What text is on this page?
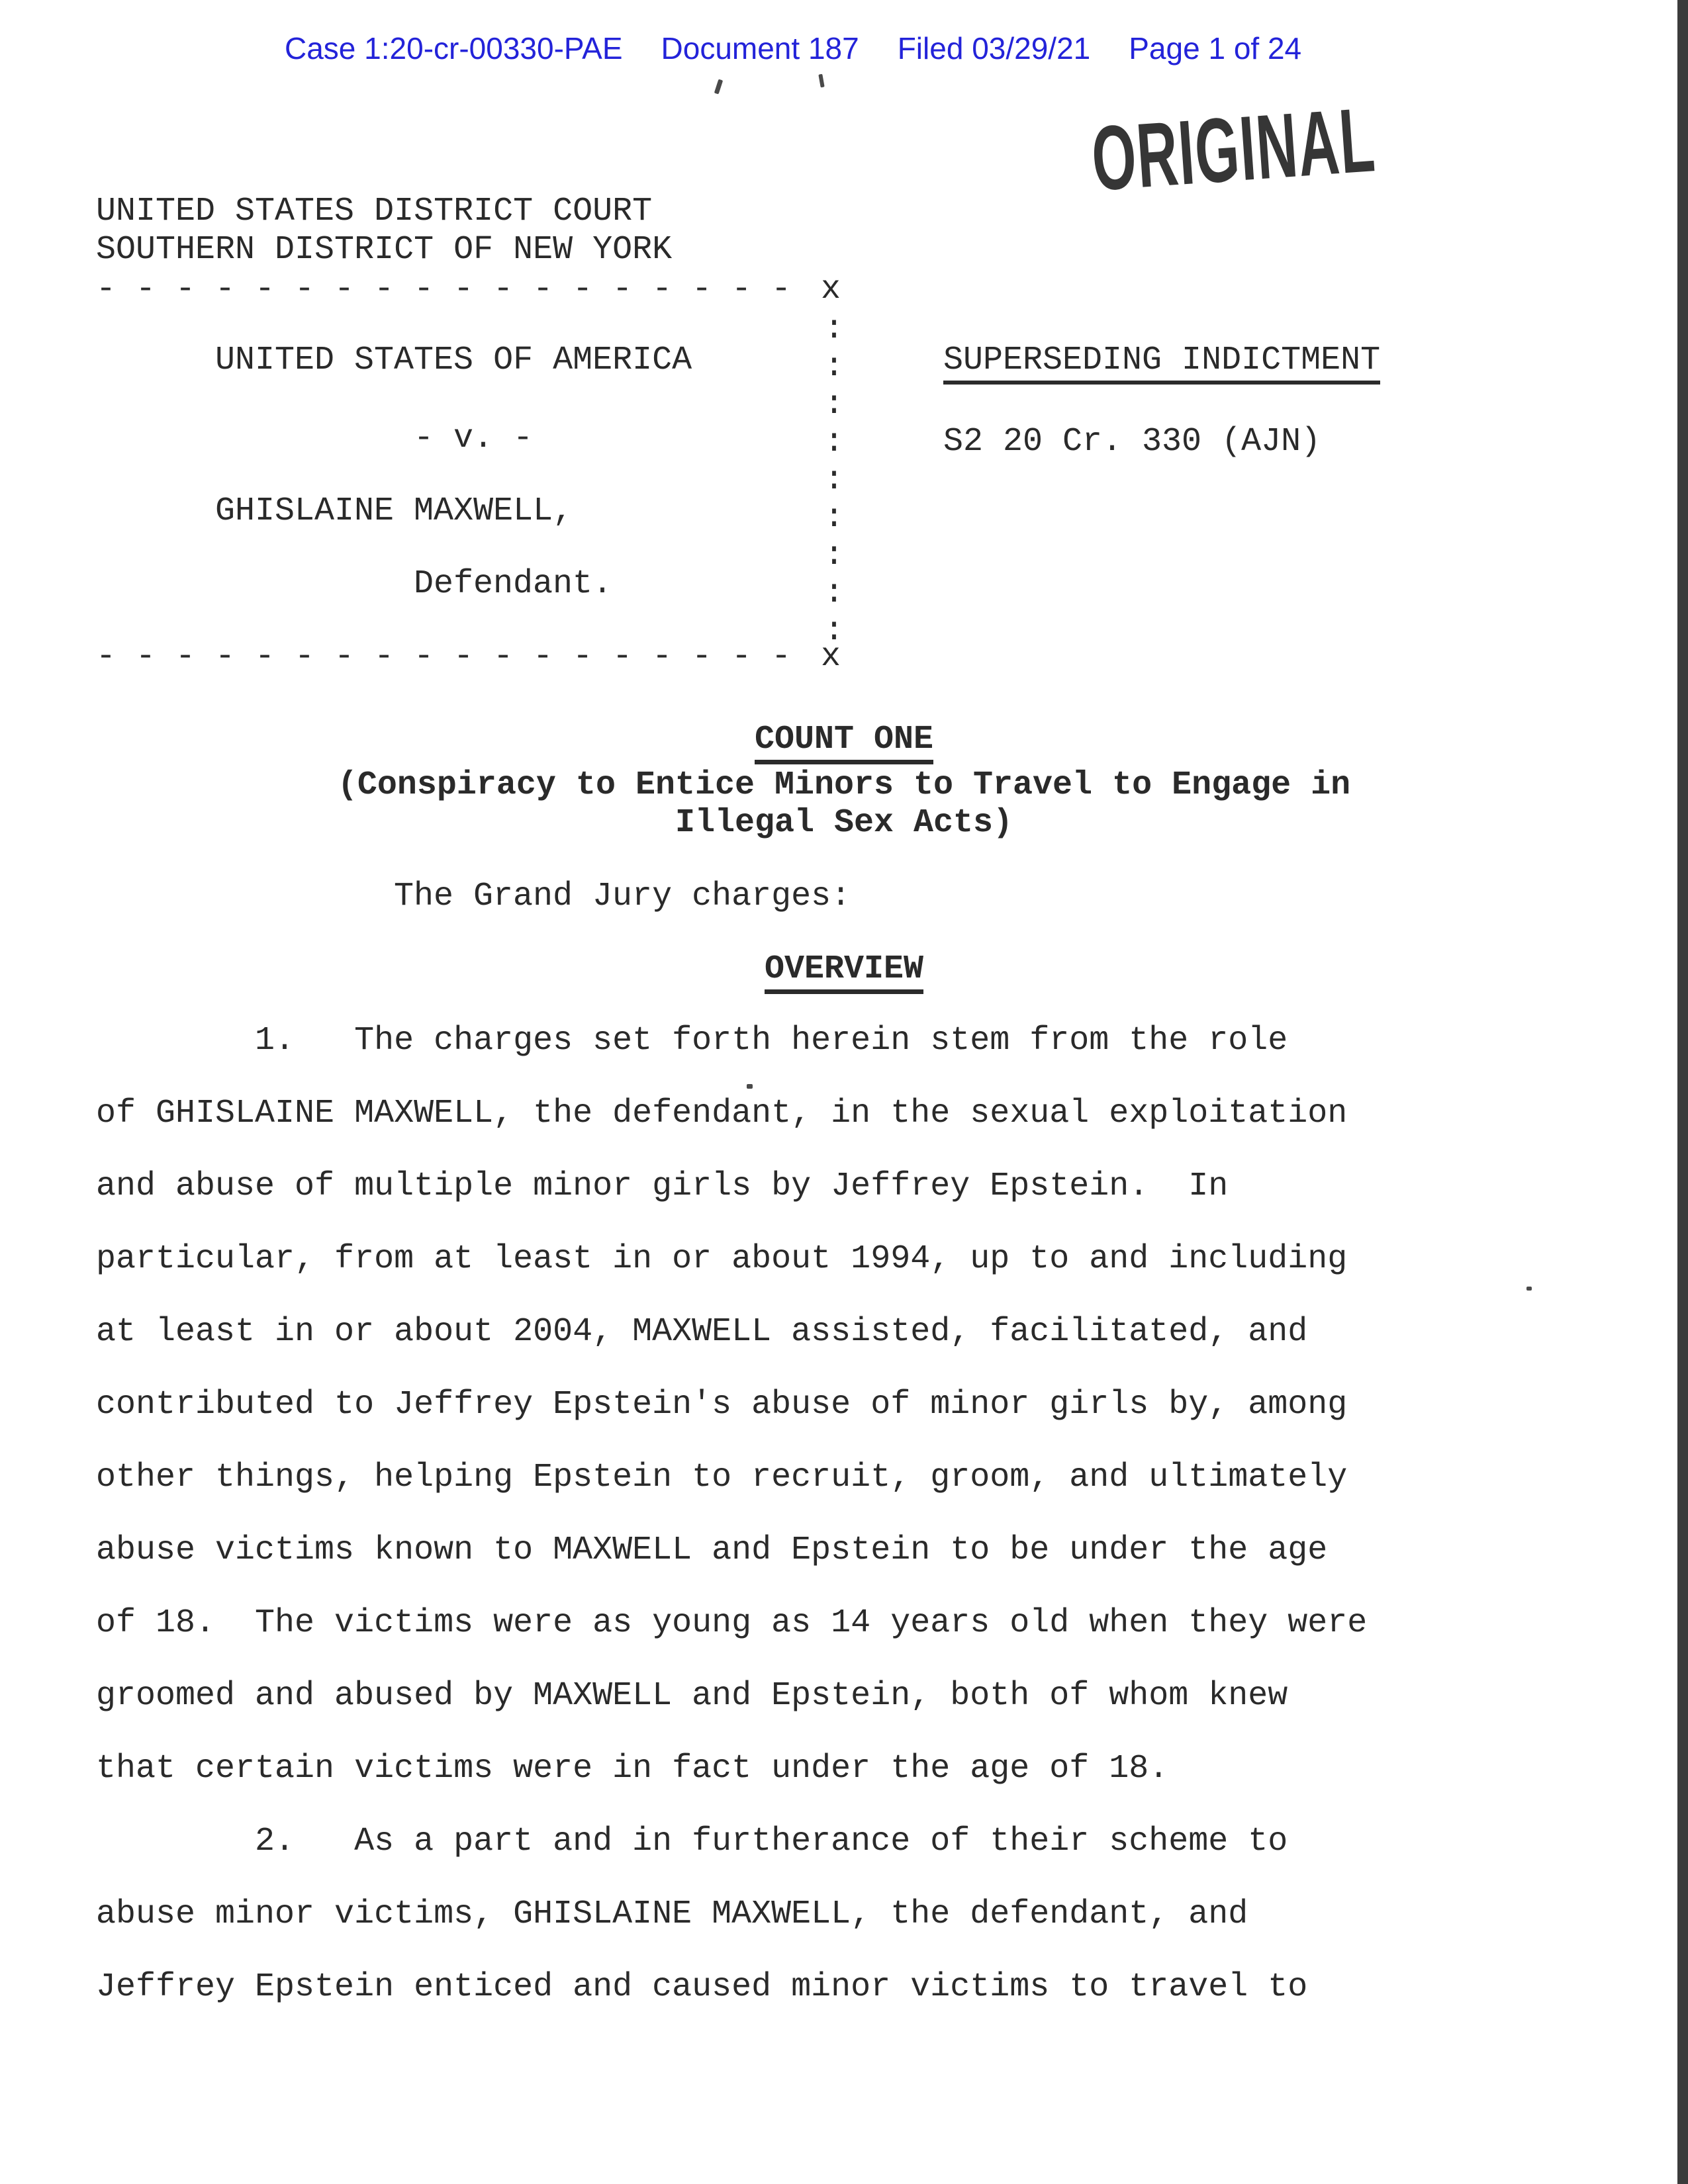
Case 1:20-cr-00330-PAE Document 187 Filed 03/29/21 Page 1 of 24
ORIGINAL
UNITED STATES DISTRICT COURT
SOUTHERN DISTRICT OF NEW YORK
- - - - - - - - - - - - - - - - - - x
:
:
:
:
:
:
:
:
:
UNITED STATES OF AMERICA
- v. -
GHISLAINE MAXWELL,
Defendant.
- - - - - - - - - - - - - - - - - - x
SUPERSEDING INDICTMENT
S2 20 Cr. 330 (AJN)
COUNT ONE
(Conspiracy to Entice Minors to Travel to Engage in
Illegal Sex Acts)
The Grand Jury charges:
OVERVIEW
1.   The charges set forth herein stem from the role
of GHISLAINE MAXWELL, the defendant, in the sexual exploitation
and abuse of multiple minor girls by Jeffrey Epstein.  In
particular, from at least in or about 1994, up to and including
at least in or about 2004, MAXWELL assisted, facilitated, and
contributed to Jeffrey Epstein's abuse of minor girls by, among
other things, helping Epstein to recruit, groom, and ultimately
abuse victims known to MAXWELL and Epstein to be under the age
of 18.  The victims were as young as 14 years old when they were
groomed and abused by MAXWELL and Epstein, both of whom knew
that certain victims were in fact under the age of 18.
2.   As a part and in furtherance of their scheme to
abuse minor victims, GHISLAINE MAXWELL, the defendant, and
Jeffrey Epstein enticed and caused minor victims to travel to
